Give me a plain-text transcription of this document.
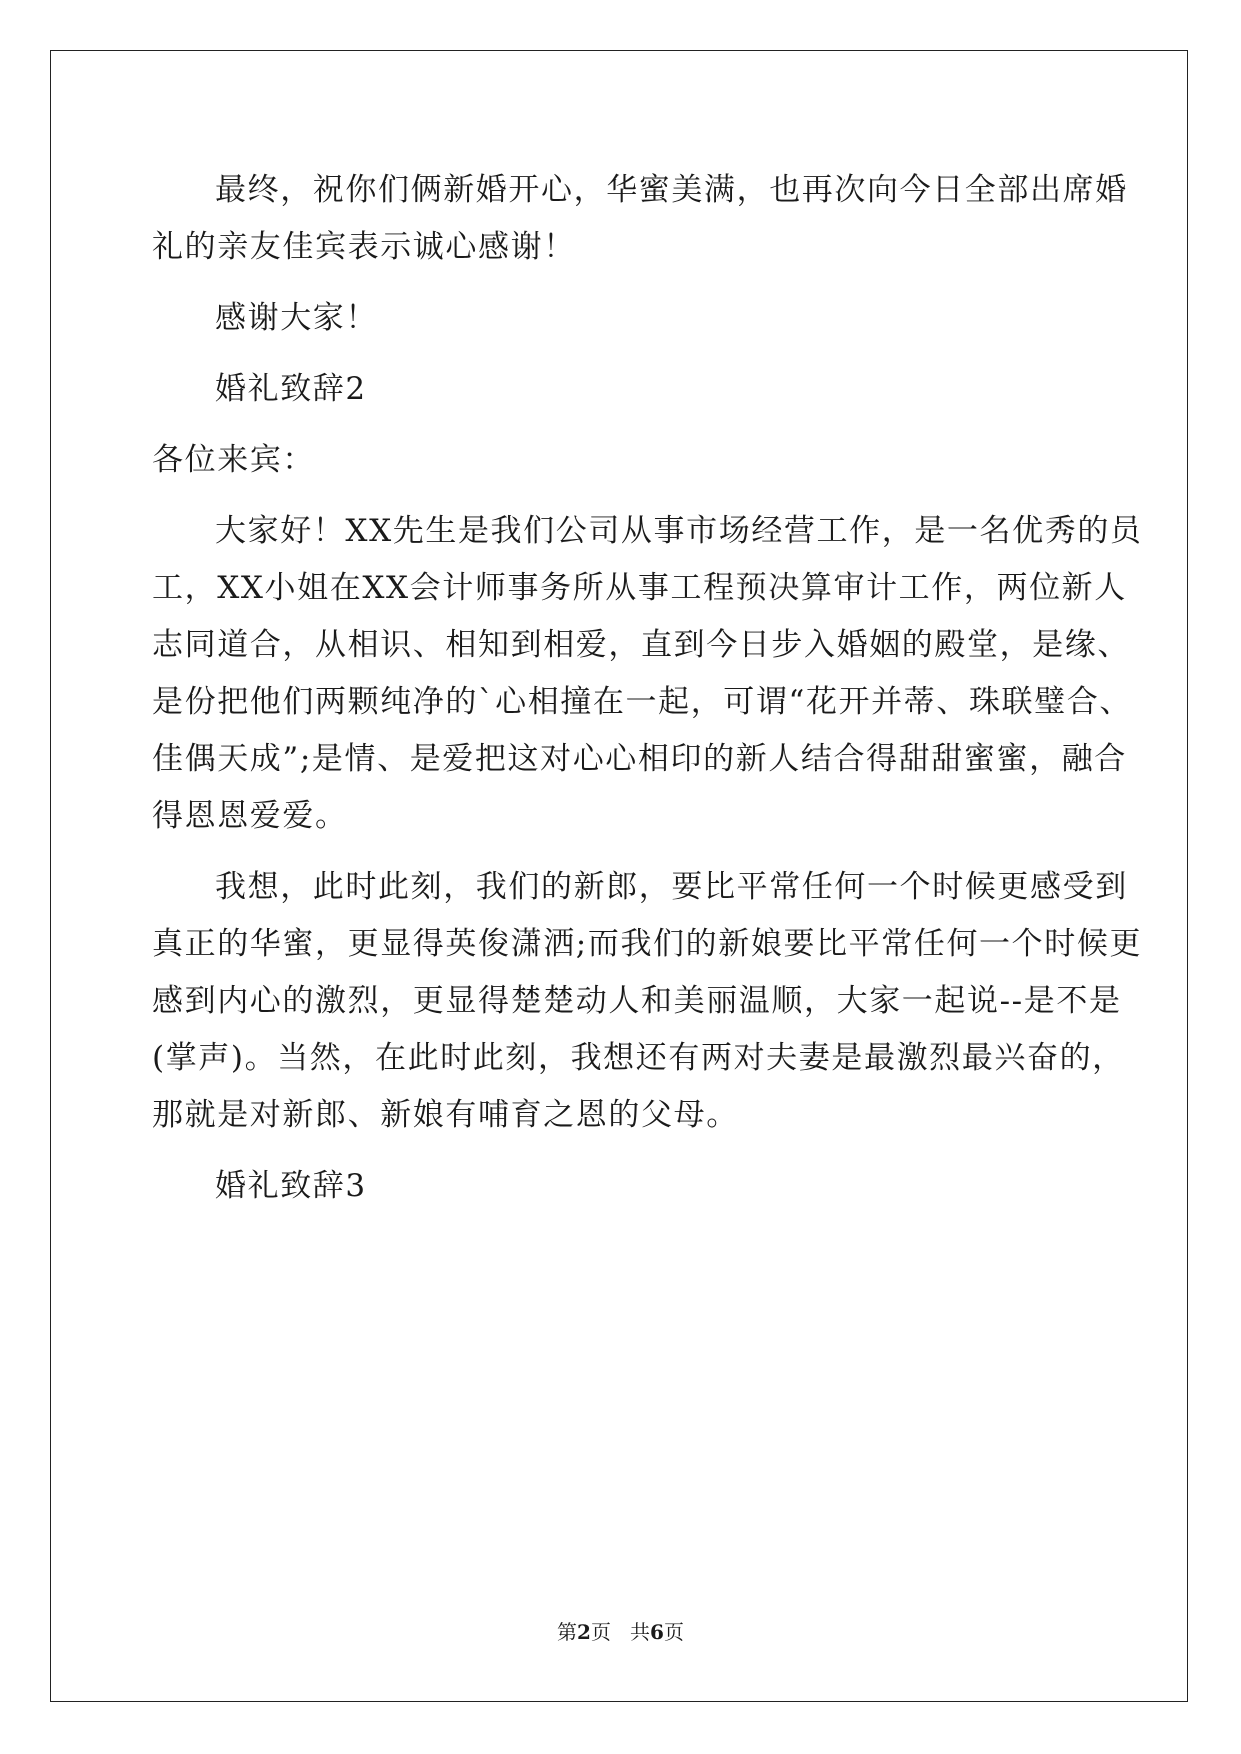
最终，祝你们俩新婚开心，华蜜美满，也再次向今日全部出席婚
礼的亲友佳宾表示诚心感谢！
感谢大家！
婚礼致辞2
各位来宾：
大家好！XX先生是我们公司从事市场经营工作，是一名优秀的员
工，XX小姐在XX会计师事务所从事工程预决算审计工作，两位新人
志同道合，从相识、相知到相爱，直到今日步入婚姻的殿堂，是缘、
是份把他们两颗纯净的`心相撞在一起，可谓“花开并蒂、珠联璧合、
佳偶天成”;是情、是爱把这对心心相印的新人结合得甜甜蜜蜜，融合
得恩恩爱爱。
我想，此时此刻，我们的新郎，要比平常任何一个时候更感受到
真正的华蜜，更显得英俊潇洒;而我们的新娘要比平常任何一个时候更
感到内心的激烈，更显得楚楚动人和美丽温顺，大家一起说--是不是
(掌声)。当然，在此时此刻，我想还有两对夫妻是最激烈最兴奋的，
那就是对新郎、新娘有哺育之恩的父母。
婚礼致辞3
第2页 共6页
